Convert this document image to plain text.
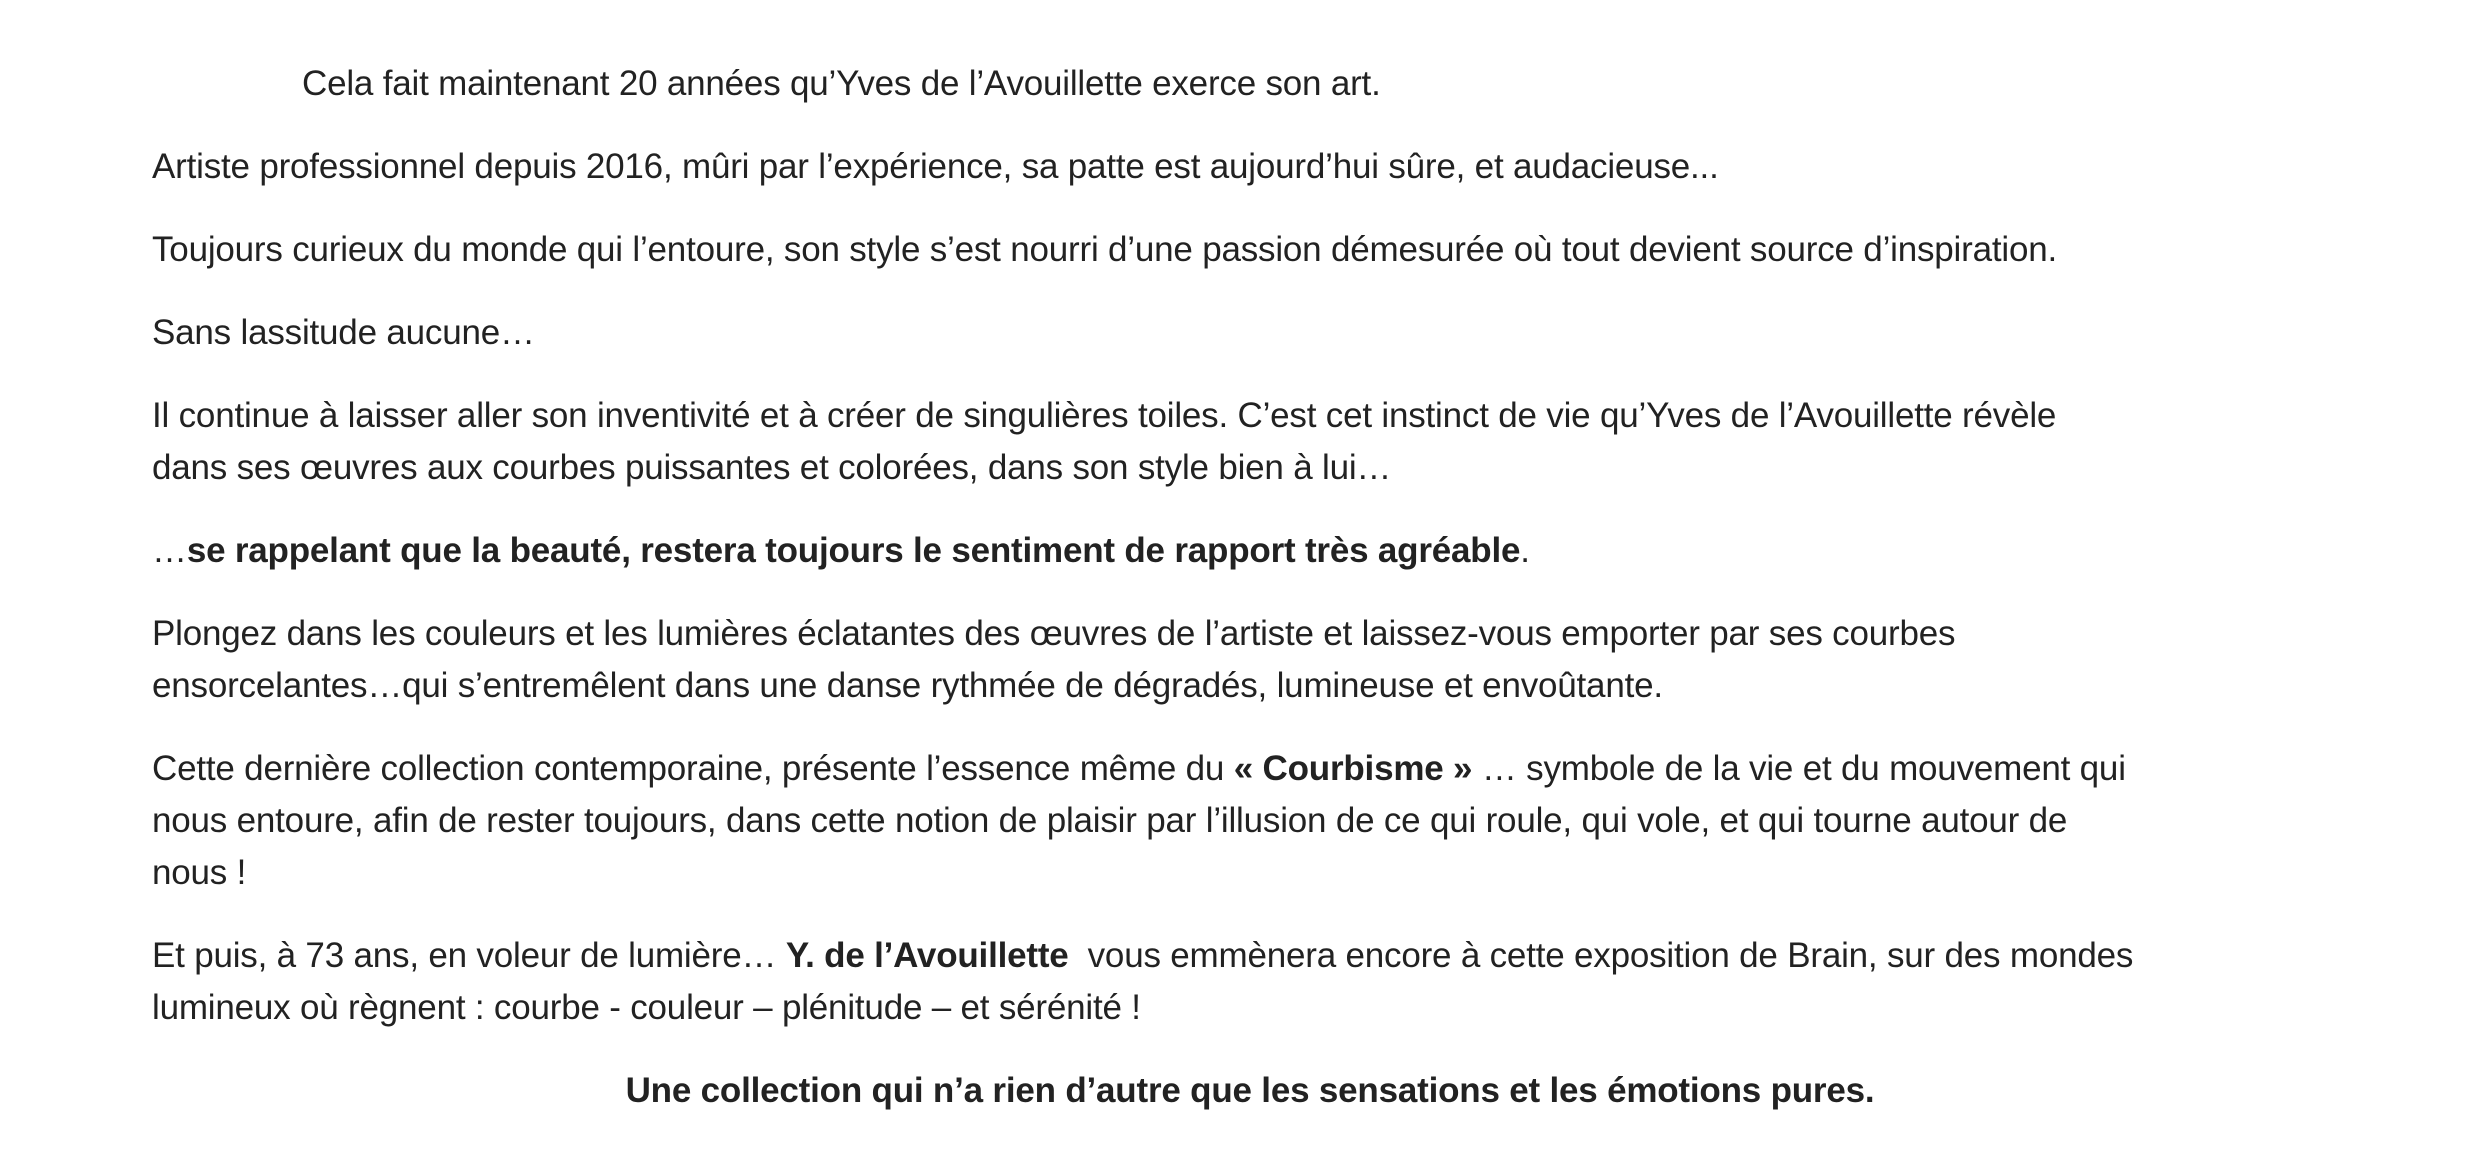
Cela fait maintenant 20 années qu’Yves de l’Avouillette exerce son art.
Artiste professionnel depuis 2016, mûri par l’expérience, sa patte est aujourd’hui sûre, et audacieuse...
Toujours curieux du monde qui l’entoure, son style s’est nourri d’une passion démesurée où tout devient source d’inspiration.
Sans lassitude aucune…
Il continue à laisser aller son inventivité et à créer de singulières toiles. C’est cet instinct de vie qu’Yves de l’Avouillette révèle
dans ses œuvres aux courbes puissantes et colorées, dans son style bien à lui…
…se rappelant que la beauté, restera toujours le sentiment de rapport très agréable.
Plongez dans les couleurs et les lumières éclatantes des œuvres de l’artiste et laissez-vous emporter par ses courbes
ensorcelantes…qui s’entremêlent dans une danse rythmée de dégradés, lumineuse et envoûtante.
Cette dernière collection contemporaine, présente l’essence même du « Courbisme » … symbole de la vie et du mouvement qui
nous entoure, afin de rester toujours, dans cette notion de plaisir par l’illusion de ce qui roule, qui vole, et qui tourne autour de
nous !
Et puis, à 73 ans, en voleur de lumière… Y. de l’Avouillette  vous emmènera encore à cette exposition de Brain, sur des mondes
lumineux où règnent : courbe - couleur – plénitude – et sérénité !
Une collection qui n’a rien d’autre que les sensations et les émotions pures.
